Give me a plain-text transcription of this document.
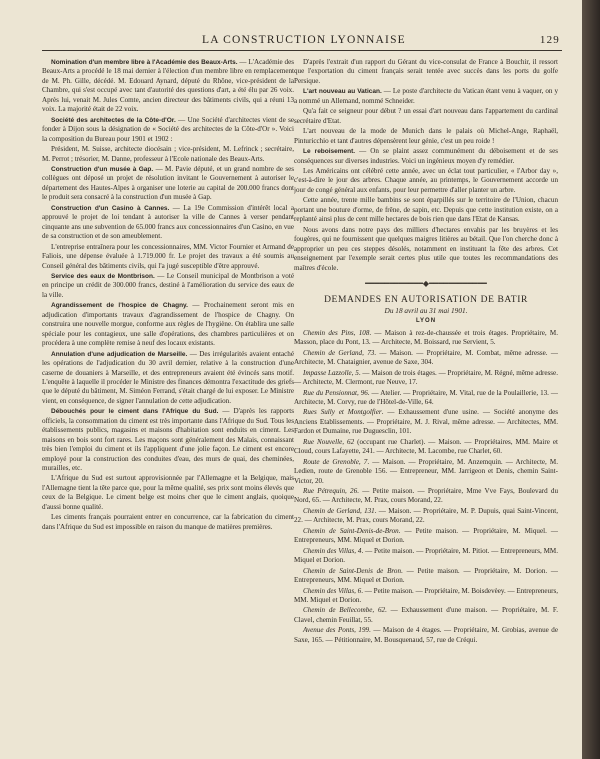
LA CONSTRUCTION LYONNAISE	129

Nomination d'un membre libre à l'Académie des Beaux-Arts. — L'Académie des Beaux-Arts a procédé le 18 mai dernier à l'élection d'un membre libre en remplacement de M. Ph. Gille, décédé. M. Edouard Aynard, député du Rhône, vice-président de la Chambre, qui s'est occupé avec tant d'autorité des questions d'art, a été élu par 26 voix. Après lui, venait M. Jules Comte, ancien directeur des bâtiments civils, qui a réuni 13 voix. La majorité était de 22 voix.

Société des architectes de la Côte-d'Or. — Une Société d'architectes vient de se fonder à Dijon sous la désignation de « Société des architectes de la Côte-d'Or ». Voici la composition du Bureau pour 1901 et 1902 :

Président, M. Suisse, architecte diocésain ; vice-président, M. Lefrinck ; secrétaire, M. Perrot ; trésorier, M. Danne, professeur à l'Ecole nationale des Beaux-Arts.

Construction d'un musée à Gap. — M. Pavie député, et un grand nombre de ses collègues ont déposé un projet de résolution invitant le Gouvernement à autoriser le département des Hautes-Alpes à organiser une loterie au capital de 200.000 francs dont le produit sera consacré à la construction d'un musée à Gap.

Construction d'un Casino à Cannes. — La 19e Commission d'intérêt local a approuvé le projet de loi tendant à autoriser la ville de Cannes à verser pendant cinquante ans une subvention de 65.000 francs aux concessionnaires d'un Casino, en vue de sa construction et de son ameublement.

L'entreprise entraînera pour les concessionnaires, MM. Victor Fournier et Armand de Faliois, une dépense évaluée à 1.719.000 fr. Le projet des travaux a été soumis au Conseil général des bâtiments civils, qui l'a jugé susceptible d'être approuvé.

Service des eaux de Montbrison. — Le Conseil municipal de Montbrison a voté en principe un crédit de 300.000 francs, destiné à l'amélioration du service des eaux de la ville.

Agrandissement de l'hospice de Chagny. — Prochainement seront mis en adjudication d'importants travaux d'agrandissement de l'hospice de Chagny. On construira une nouvelle morgue, conforme aux règles de l'hygiène. On établira une salle spéciale pour les contagieux, une salle d'opérations, des chambres particulières et on procédera à une complète remise à neuf des locaux existants.

Annulation d'une adjudication de Marseille. — Des irrégularités avaient entaché les opérations de l'adjudication du 30 avril dernier, relative à la construction d'une caserne de douaniers à Marseille, et des entrepreneurs avaient été évincés sans motif. L'enquête à laquelle il procéder le Ministre des finances démontra l'exactitude des griefs que le député du bâtiment, M. Siméon Ferrand, s'était chargé de lui exposer. Le Ministre vient, en conséquence, de signer l'annulation de cette adjudication.

Débouchés pour le ciment dans l'Afrique du Sud. — D'après les rapports officiels, la consommation du ciment est très importante dans l'Afrique du Sud. Tous les établissements publics, magasins et maisons d'habitation sont enduits en ciment. Les maisons en bois sont fort rares. Les maçons sont généralement des Malais, connaissant très bien l'emploi du ciment et ils l'appliquent d'une jolie façon. Le ciment est encore employé pour la construction des conduites d'eau, des murs de quai, des cheminées, murailles, etc.

L'Afrique du Sud est surtout approvisionnée par l'Allemagne et la Belgique, mais l'Allemagne tient la tête parce que, pour la même qualité, ses prix sont moins élevés que ceux de la Belgique. Le ciment belge est moins cher que le ciment anglais, quoique d'aussi bonne qualité.

Les ciments français pourraient entrer en concurrence, car la fabrication du ciment dans l'Afrique du Sud est impossible en raison du manque de matières premières.

D'après l'extrait d'un rapport du Gérant du vice-consulat de France à Bouchir, il ressort que l'exportation du ciment français serait tentée avec succès dans les ports du golfe Persique.

L'art nouveau au Vatican. — Le poste d'architecte du Vatican étant venu à vaquer, on y a nommé un Allemand, nommé Schneider.

Qu'a fait ce seigneur pour début ? un essai d'art nouveau dans l'appartement du cardinal secrétaire d'Etat.

L'art nouveau de la mode de Munich dans le palais où Michel-Ange, Raphaël, Pinturicchio et tant d'autres dépensèrent leur génie, c'est un peu roide !

Le reboisement. — On se plaint assez communément du déboisement et de ses conséquences sur diverses industries. Voici un ingénieux moyen d'y remédier.

Les Américains ont célébré cette année, avec un éclat tout particulier, « l'Arbor day », c'est-à-dire le jour des arbres. Chaque année, au printemps, le Gouvernement accorde un jour de congé général aux enfants, pour leur permettre d'aller planter un arbre.

Cette année, trente mille bambins se sont éparpillés sur le territoire de l'Union, chacun portant une bouture d'orme, de frêne, de sapin, etc. Depuis que cette institution existe, on a replanté ainsi plus de cent mille hectares de bois rien que dans l'Etat de Kansas.

Nous avons dans notre pays des milliers d'hectares envahis par les bruyères et les fougères, qui ne fournissent que quelques maigres litières au bétail. Que l'on cherche donc à approprier un peu ces steppes désolés, notamment en instituant la fête des arbres. Cet enseignement par l'exemple serait certes plus utile que toutes les recommandations des maîtres d'école.

━━━━━━━━━━━━◆━━━━━━━━━━━━
DEMANDES EN AUTORISATION DE BATIR
Du 18 avril au 31 mai 1901.
LYON

Chemin des Pins, 108. — Maison à rez-de-chaussée et trois étages. Propriétaire, M. Masson, place du Pont, 13. — Architecte, M. Boissard, rue Servient, 5.

Chemin de Gerland, 73. — Maison. — Propriétaire, M. Combat, même adresse. — Architecte, M. Chataignier, avenue de Saxe, 304.

Impasse Lazzolle, 5. — Maison de trois étages. — Propriétaire, M. Régné, même adresse. — Architecte, M. Clermont, rue Neuve, 17.

Rue du Pensionnat, 96. — Atelier. — Propriétaire, M. Vital, rue de la Poulaillerie, 13. — Architecte, M. Corvy, rue de l'Hôtel-de-Ville, 64.

Rues Sully et Montgolfier. — Exhaussement d'une usine. — Société anonyme des Anciens Etablissements. — Propriétaire, M. J. Rival, même adresse. — Architectes, MM. Fardon et Dumaine, rue Duguesclin, 101.

Rue Nouvelle, 62 (occupant rue Charlet). — Maison. — Propriétaires, MM. Maire et Cloud, cours Lafayette, 241. — Architecte, M. Lacombe, rue Charlet, 60.

Route de Grenoble, 7. — Maison. — Propriétaire, M. Anzemquin. — Architecte, M. Ledien, route de Grenoble 156. — Entrepreneur, MM. Jarrigeon et Denis, chemin Saint-Victor, 20.

Rue Pétrequin, 26. — Petite maison. — Propriétaire, Mme Vve Fays, Boulevard du Nord, 65. — Architecte, M. Prax, cours Morand, 22.

Chemin de Gerland, 131. — Maison. — Propriétaire, M. P. Dupuis, quai Saint-Vincent, 22. — Architecte, M. Prax, cours Morand, 22.

Chemin de Saint-Denis-de-Bron. — Petite maison. — Propriétaire, M. Miquel. — Entrepreneurs, MM. Miquel et Dorion.

Chemin des Villas, 4. — Petite maison. — Propriétaire, M. Pitiot. — Entrepreneurs, MM. Miquel et Dorion.

Chemin de Saint-Denis de Bron. — Petite maison. — Propriétaire, M. Dorion. — Entrepreneurs, MM. Miquel et Dorion.

Chemin des Villas, 6. — Petite maison. — Propriétaire, M. Boisdevèey. — Entrepreneurs, MM. Miquel et Dorion.

Chemin de Bellecombe, 62. — Exhaussement d'une maison. — Propriétaire, M. F. Clavel, chemin Feuillat, 55.

Avenue des Ponts, 199. — Maison de 4 étages. — Propriétaire, M. Grobias, avenue de Saxe, 165. — Pétitionnaire, M. Bousquenaud, 57, rue de Créqui.
